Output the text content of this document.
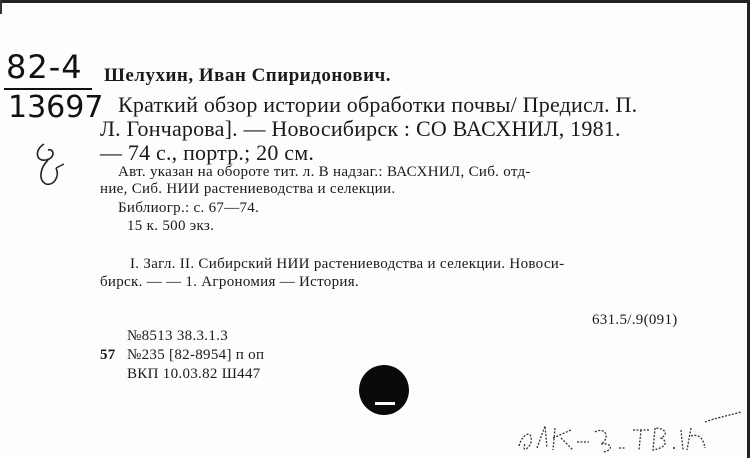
82-4
13697
Шелухин, Иван Спиридонович.
Краткий обзор истории обработки почвы/ Предисл. П.
Л. Гончарова]. — Новосибирск : СО ВАСХНИЛ, 1981.
— 74 с., портр.; 20 см.
Авт. указан на обороте тит. л. В надзаг.: ВАСХНИЛ, Сиб. отд-
ние, Сиб. НИИ растениеводства и селекции.
Библиогр.: с. 67—74.
15 к. 500 экз.
I. Загл. II. Сибирский НИИ растениеводства и селекции. Новоси-
бирск. — — 1. Агрономия — История.
631.5/.9(091)
№8513 38.3.1.3
57 №235 [82-8954] п оп
ВКП 10.03.82 Ш447
